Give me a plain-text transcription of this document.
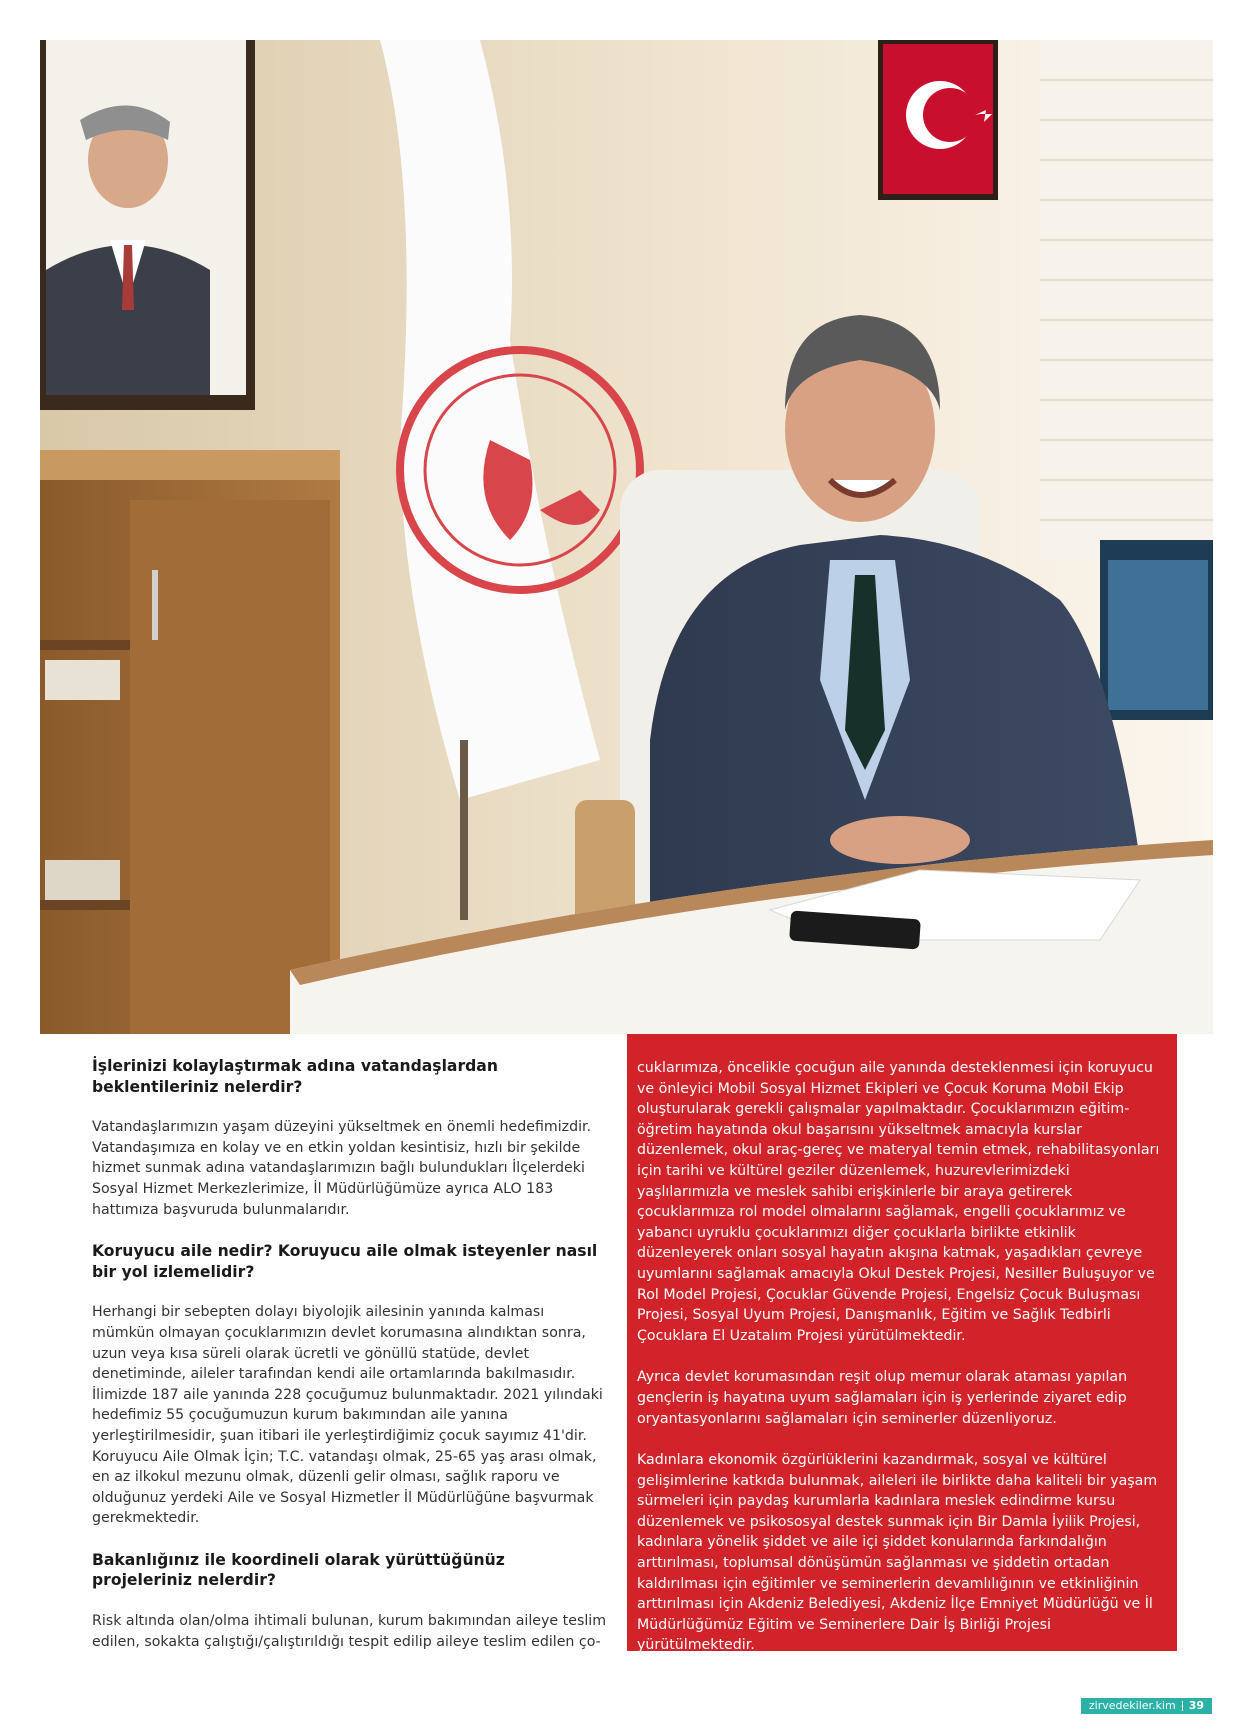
İşlerinizi kolaylaştırmak adına vatandaşlardan beklentileriniz nelerdir?

Vatandaşlarımızın yaşam düzeyini yükseltmek en önemli hedefimizdir. Vatandaşımıza en kolay ve en etkin yoldan kesintisiz, hızlı bir şekilde hizmet sunmak adına vatandaşlarımızın bağlı bulundukları İlçelerdeki Sosyal Hizmet Merkezlerimize, İl Müdürlüğümüze ayrıca ALO 183 hattımıza başvuruda bulunmalarıdır.

Koruyucu aile nedir? Koruyucu aile olmak isteyenler nasıl bir yol izlemelidir?

Herhangi bir sebepten dolayı biyolojik ailesinin yanında kalması mümkün olmayan çocuklarımızın devlet korumasına alındıktan sonra, uzun veya kısa süreli olarak ücretli ve gönüllü statüde, devlet denetiminde, aileler tarafından kendi aile ortamlarında bakılmasıdır. İlimizde 187 aile yanında 228 çocuğumuz bulunmaktadır. 2021 yılındaki hedefimiz 55 çocuğumuzun kurum bakımından aile yanına yerleştirilmesidir, şuan itibari ile yerleştirdiğimiz çocuk sayımız 41'dir. Koruyucu Aile Olmak İçin; T.C. vatandaşı olmak, 25-65 yaş arası olmak, en az ilkokul mezunu olmak, düzenli gelir olması, sağlık raporu ve olduğunuz yerdeki Aile ve Sosyal Hizmetler İl Müdürlüğüne başvurmak gerekmektedir.

Bakanlığınız ile koordineli olarak yürüttüğünüz projeleriniz nelerdir?

Risk altında olan/olma ihtimali bulunan, kurum bakımından aileye teslim edilen, sokakta çalıştığı/çalıştırıldığı tespit edilip aileye teslim edilen ço-

cuklarımıza, öncelikle çocuğun aile yanında desteklenmesi için koruyucu ve önleyici Mobil Sosyal Hizmet Ekipleri ve Çocuk Koruma Mobil Ekip oluşturularak gerekli çalışmalar yapılmaktadır. Çocuklarımızın eğitim-öğretim hayatında okul başarısını yükseltmek amacıyla kurslar düzenlemek, okul araç-gereç ve materyal temin etmek, rehabilitasyonları için tarihi ve kültürel geziler düzenlemek, huzurevlerimizdeki yaşlılarımızla ve meslek sahibi erişkinlerle bir araya getirerek çocuklarımıza rol model olmalarını sağlamak, engelli çocuklarımız ve yabancı uyruklu çocuklarımızı diğer çocuklarla birlikte etkinlik düzenleyerek onları sosyal hayatın akışına katmak, yaşadıkları çevreye uyumlarını sağlamak amacıyla Okul Destek Projesi, Nesiller Buluşuyor ve Rol Model Projesi, Çocuklar Güvende Projesi, Engelsiz Çocuk Buluşması Projesi, Sosyal Uyum Projesi, Danışmanlık, Eğitim ve Sağlık Tedbirli Çocuklara El Uzatalım Projesi yürütülmektedir.

Ayrıca devlet korumasından reşit olup memur olarak ataması yapılan gençlerin iş hayatına uyum sağlamaları için iş yerlerinde ziyaret edip oryantasyonlarını sağlamaları için seminerler düzenliyoruz.

Kadınlara ekonomik özgürlüklerini kazandırmak, sosyal ve kültürel gelişimlerine katkıda bulunmak, aileleri ile birlikte daha kaliteli bir yaşam sürmeleri için paydaş kurumlarla kadınlara meslek edindirme kursu düzenlemek ve psikososyal destek sunmak için Bir Damla İyilik Projesi, kadınlara yönelik şiddet ve aile içi şiddet konularında farkındalığın arttırılması, toplumsal dönüşümün sağlanması ve şiddetin ortadan kaldırılması için eğitimler ve seminerlerin devamlılığının ve etkinliğinin arttırılması için Akdeniz Belediyesi, Akdeniz İlçe Emniyet Müdürlüğü ve İl Müdürlüğümüz Eğitim ve Seminerlere Dair İş Birliği Projesi yürütülmektedir.

zirvedekiler.kim 39
